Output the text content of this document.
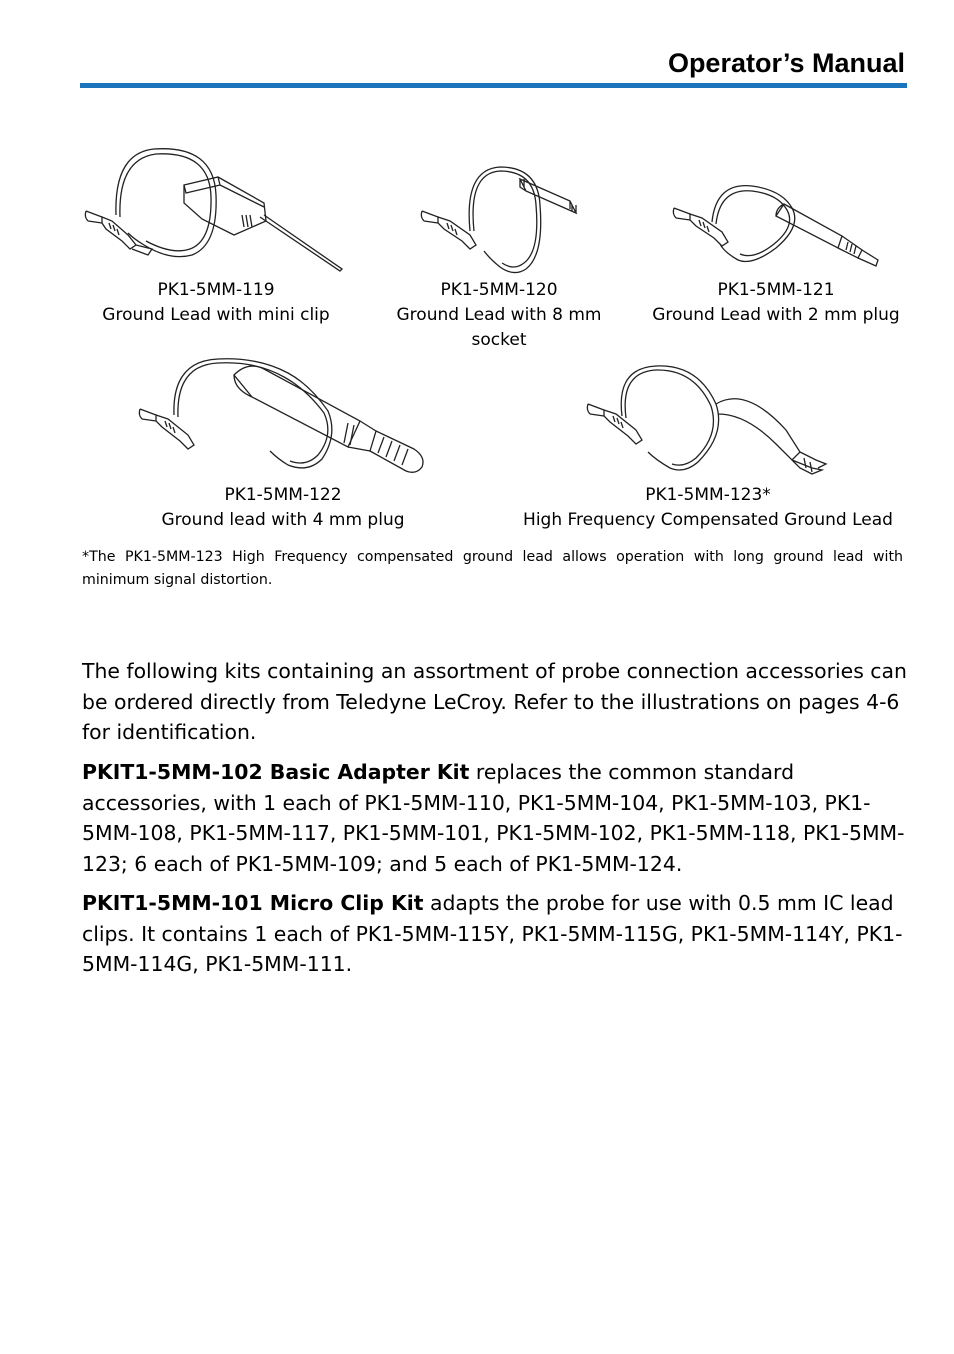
Operator’s Manual
PK1-5MM-119
Ground Lead with mini clip
PK1-5MM-120
Ground Lead with 8 mm
socket
PK1-5MM-121
Ground Lead with 2 mm plug
PK1-5MM-122
Ground lead with 4 mm plug
PK1-5MM-123*
High Frequency Compensated Ground Lead
*The PK1-5MM-123 High Frequency compensated ground lead allows operation with long ground lead with minimum signal distortion.
The following kits containing an assortment of probe connection accessories can be ordered directly from Teledyne LeCroy. Refer to the illustrations on pages 4-6 for identification.
PKIT1-5MM-102 Basic Adapter Kit replaces the common standard accessories, with 1 each of PK1-5MM-110, PK1-5MM-104, PK1-5MM-103, PK1-5MM-108, PK1-5MM-117, PK1-5MM-101, PK1-5MM-102, PK1-5MM-118, PK1-5MM-123; 6 each of PK1-5MM-109; and 5 each of PK1-5MM-124.
PKIT1-5MM-101 Micro Clip Kit adapts the probe for use with 0.5 mm IC lead clips. It contains 1 each of PK1-5MM-115Y, PK1-5MM-115G, PK1-5MM-114Y, PK1-5MM-114G, PK1-5MM-111.
